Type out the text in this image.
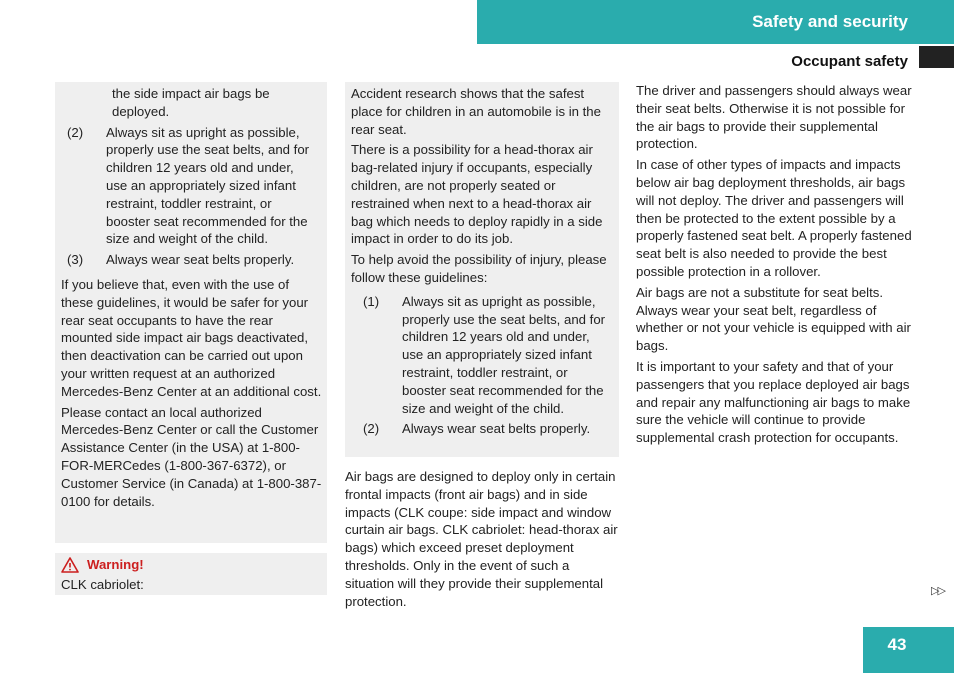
Safety and security
Occupant safety

the side impact air bags be deployed.

(2)	Always sit as upright as possible, properly use the seat belts, and for children 12 years old and under, use an appropriately sized infant restraint, toddler restraint, or booster seat recommended for the size and weight of the child.
(3)	Always wear seat belts properly.

If you believe that, even with the use of these guidelines, it would be safer for your rear seat occupants to have the rear mounted side impact air bags deactivated, then deactivation can be carried out upon your written request at an authorized Mercedes-Benz Center at an additional cost.

Please contact an local authorized Mercedes-Benz Center or call the Customer Assistance Center (in the USA) at 1-800-FOR-MERCedes (1-800-367-6372), or Customer Service (in Canada) at 1-800-387-0100 for details.

Warning!

CLK cabriolet:

Accident research shows that the safest place for children in an automobile is in the rear seat.

There is a possibility for a head-thorax air bag-related injury if occupants, especially children, are not properly seated or restrained when next to a head-thorax air bag which needs to deploy rapidly in a side impact in order to do its job.

To help avoid the possibility of injury, please follow these guidelines:

(1)	Always sit as upright as possible, properly use the seat belts, and for children 12 years old and under, use an appropriately sized infant restraint, toddler restraint, or booster seat recommended for the size and weight of the child.
(2)	Always wear seat belts properly.

Air bags are designed to deploy only in certain frontal impacts (front air bags) and in side impacts (CLK coupe: side impact and window curtain air bags. CLK cabriolet: head-thorax air bags) which exceed preset deployment thresholds. Only in the event of such a situation will they provide their supplemental protection.

The driver and passengers should always wear their seat belts. Otherwise it is not possible for the air bags to provide their supplemental protection.

In case of other types of impacts and impacts below air bag deployment thresholds, air bags will not deploy. The driver and passengers will then be protected to the extent possible by a properly fastened seat belt. A properly fastened seat belt is also needed to provide the best possible protection in a rollover.

Air bags are not a substitute for seat belts. Always wear your seat belt, regardless of whether or not your vehicle is equipped with air bags.

It is important to your safety and that of your passengers that you replace deployed air bags and repair any malfunctioning air bags to make sure the vehicle will continue to provide supplemental crash protection for occupants.

▷▷
43
